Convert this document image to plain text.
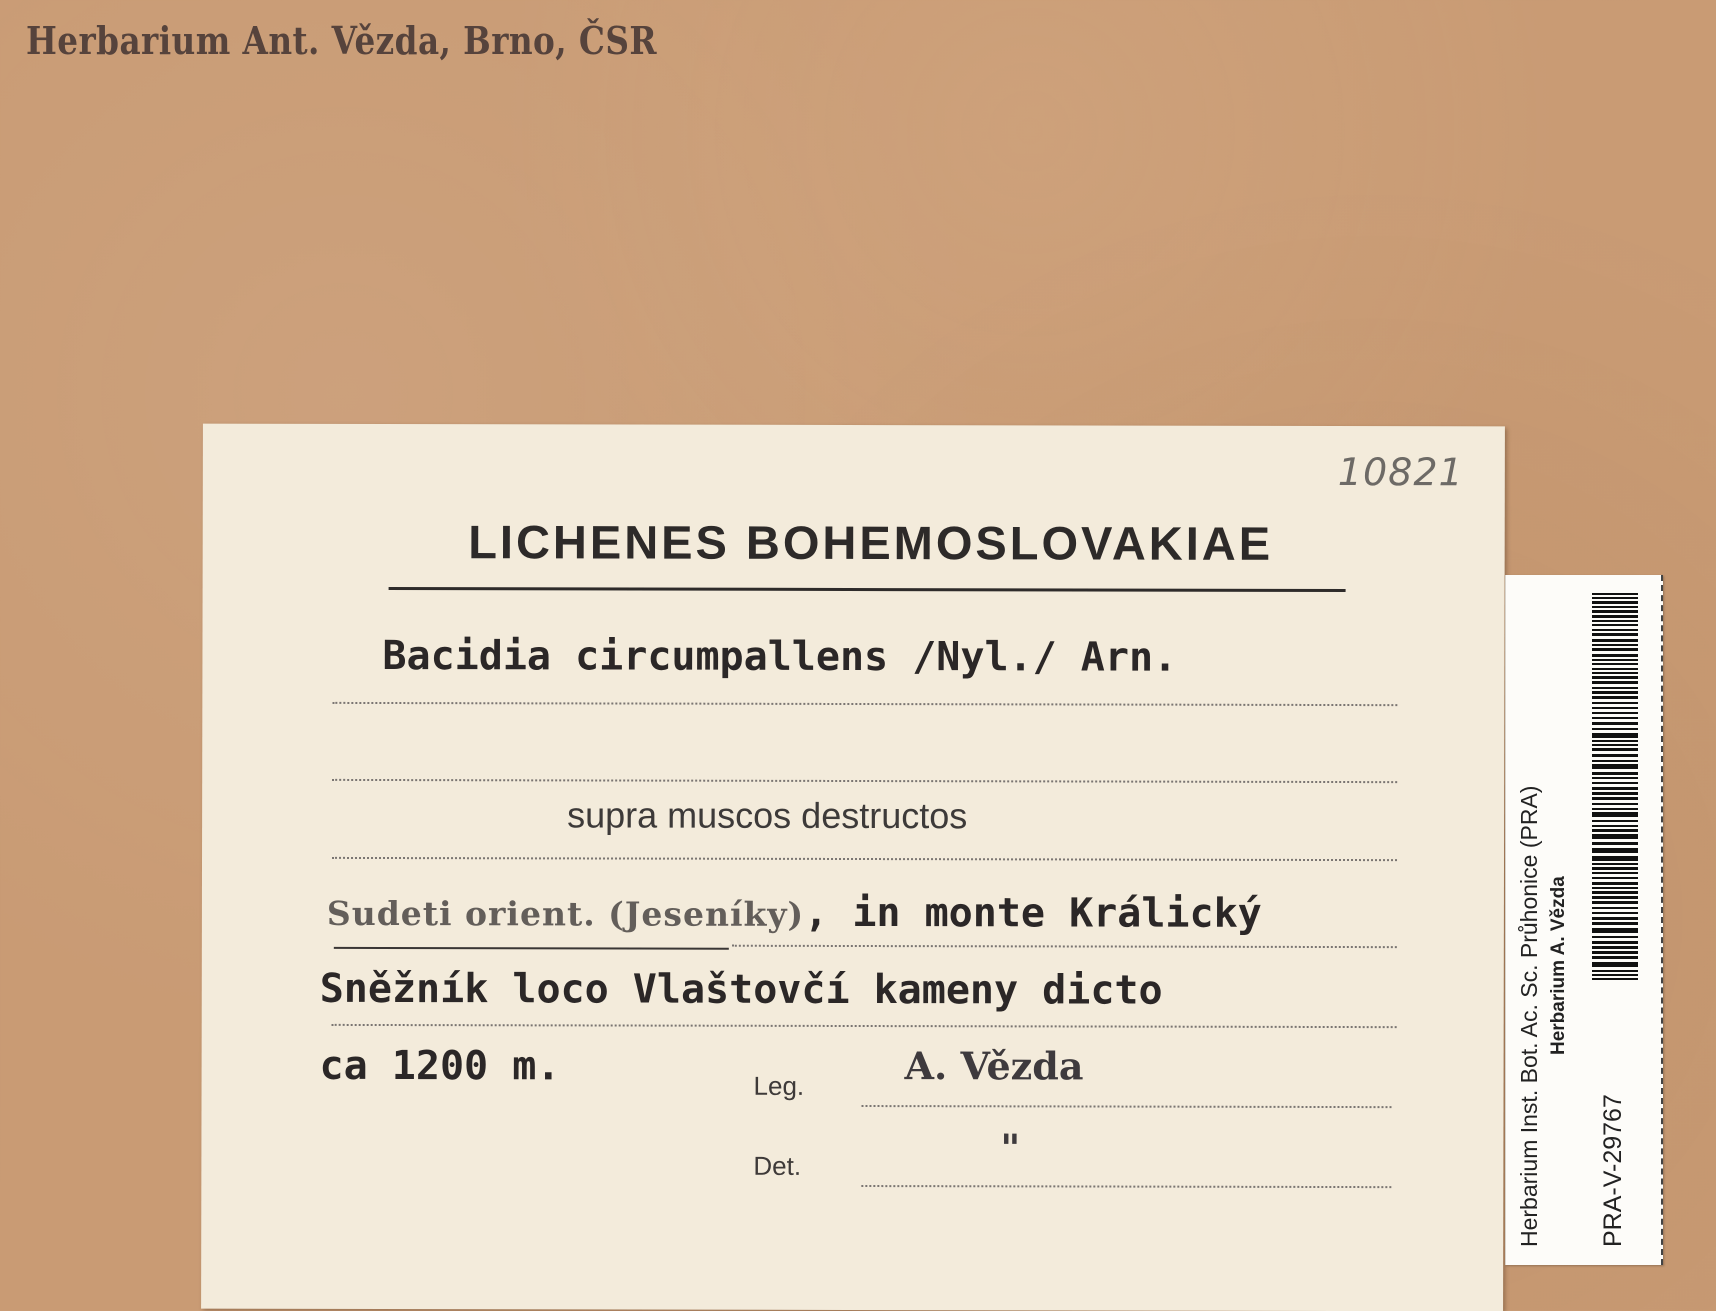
Herbarium Ant. Vězda, Brno, ČSR
10821
LICHENES BOHEMOSLOVAKIAE
Bacidia circumpallens /Nyl./ Arn.
supra muscos destructos
Sudeti orient. (Jeseníky), in monte Králický
Sněžník loco Vlaštovčí kameny dicto
ca 1200 m.	Leg.	A. Vězda
Det.	"	Herbarium Inst. Bot. Ac. Sc. Průhonice (PRA) Herbarium A. Vězda
PRA-V-29767
